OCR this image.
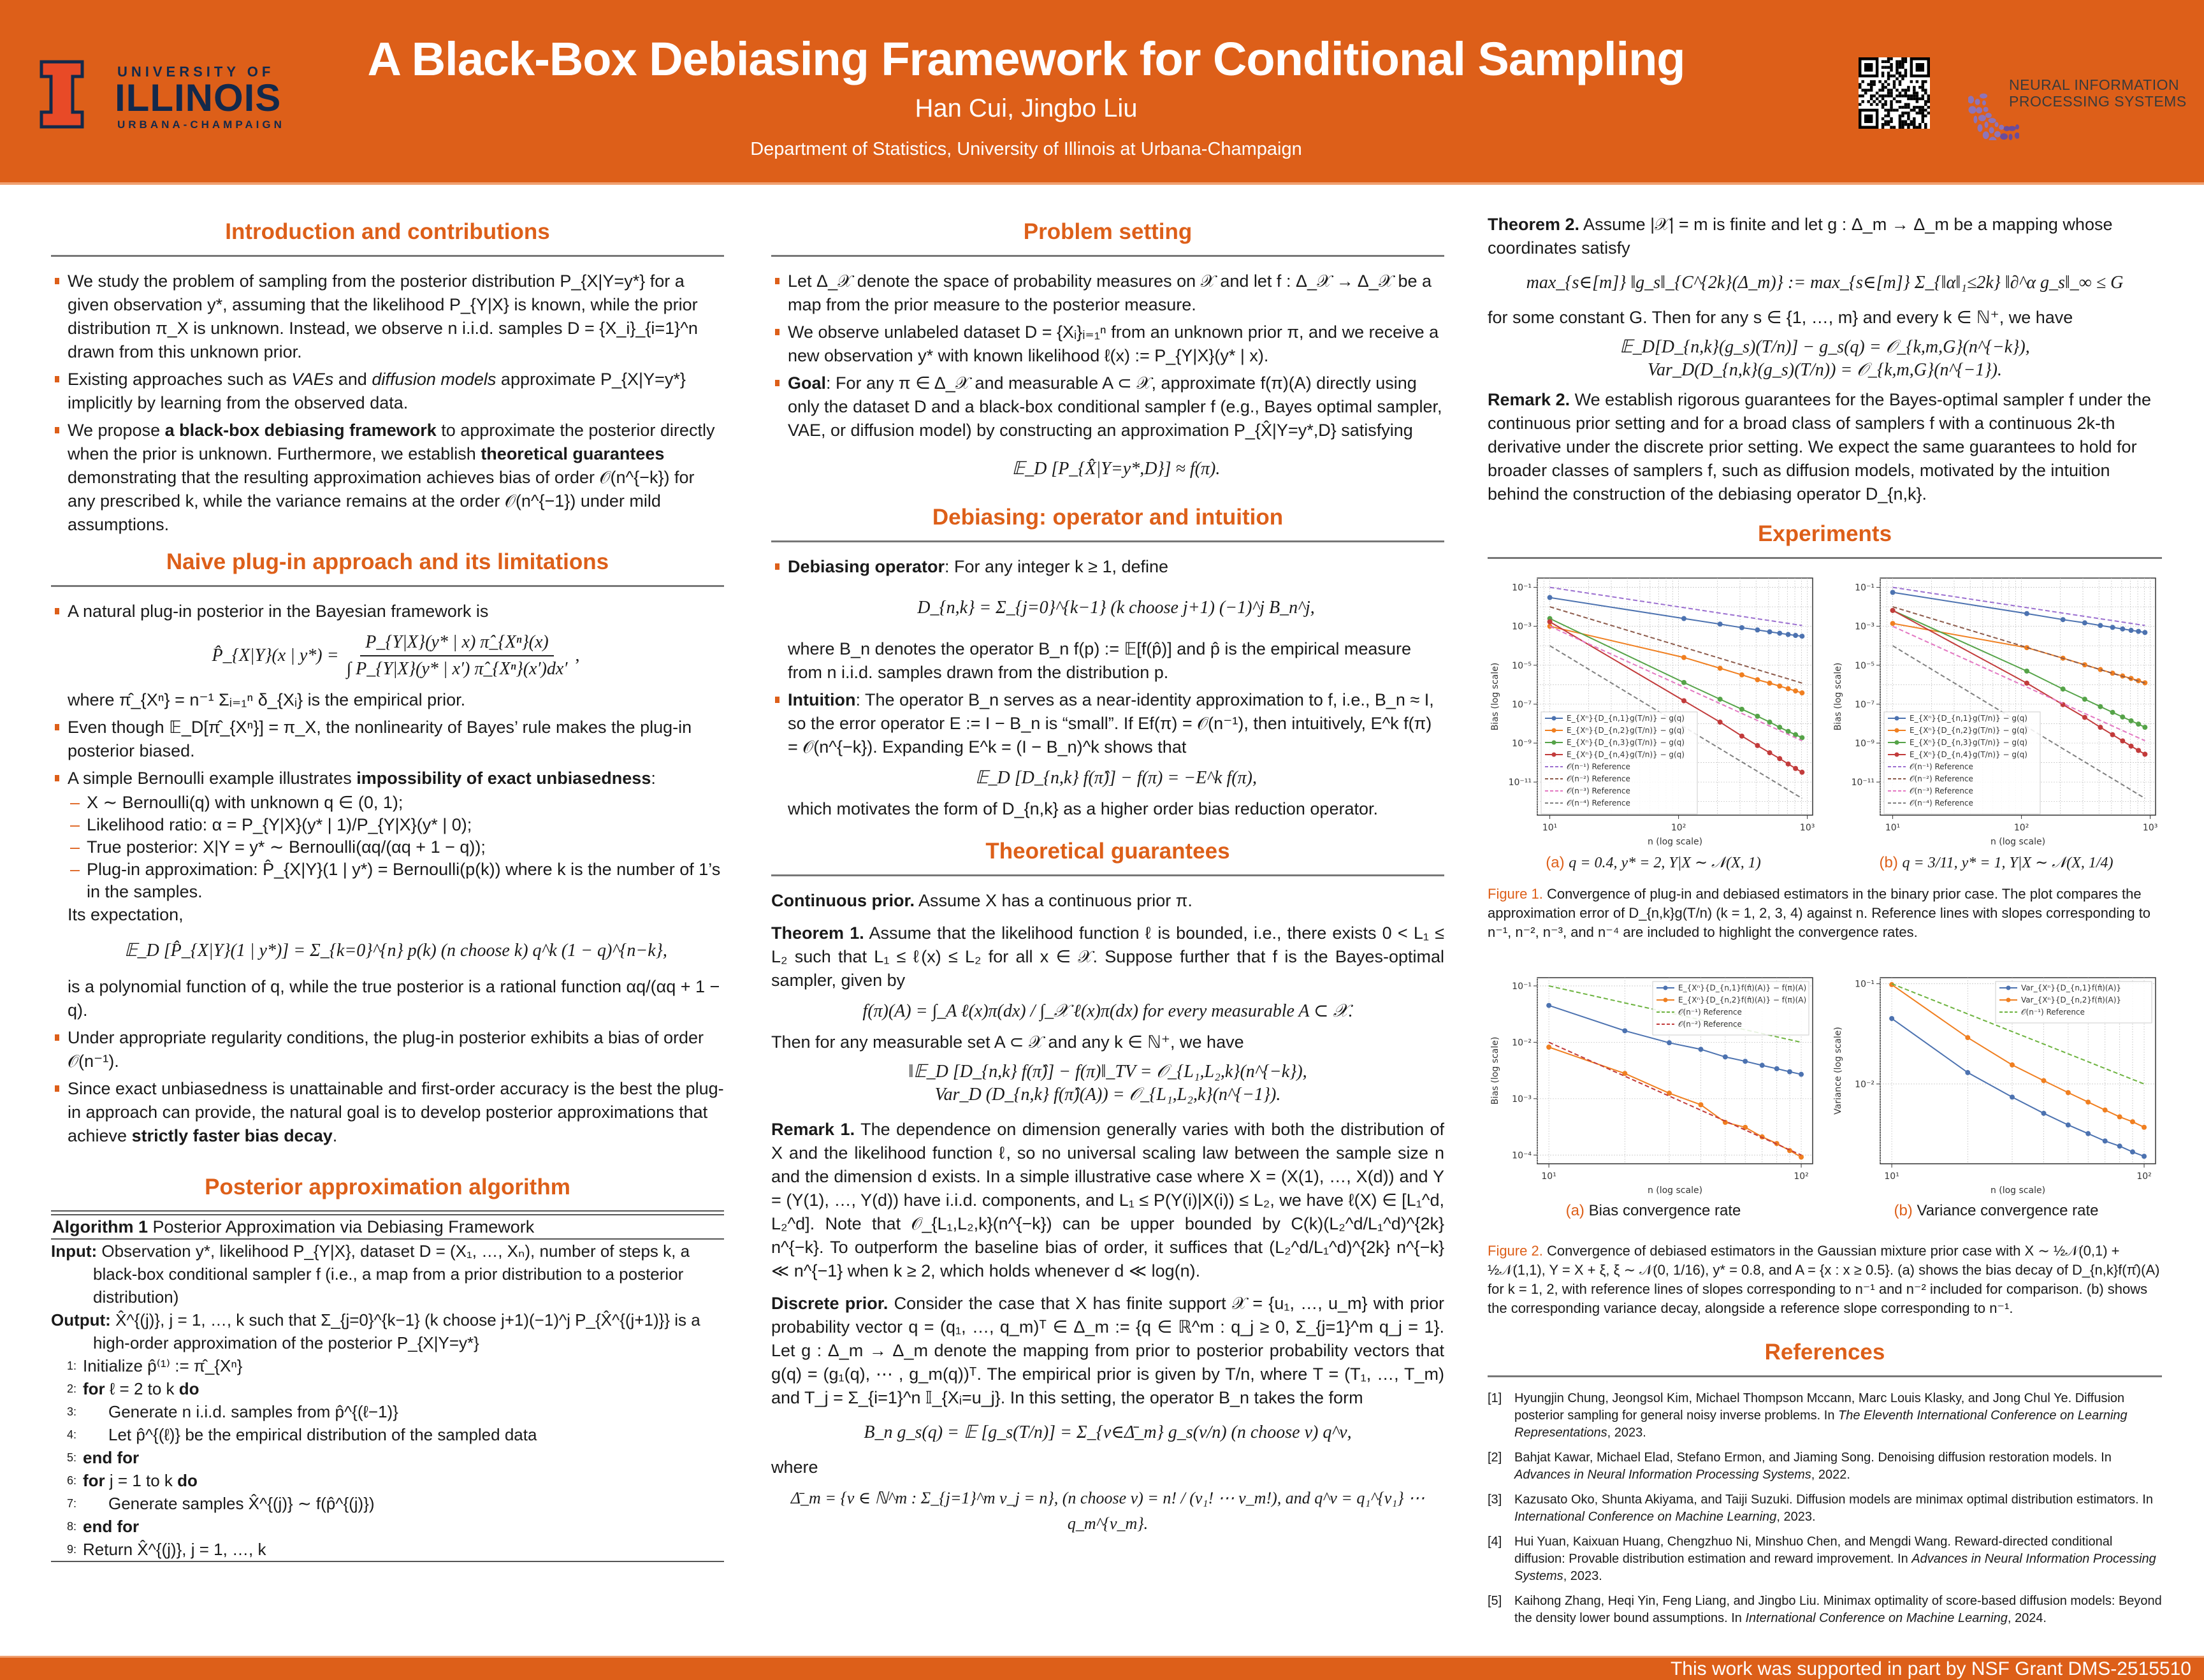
UNIVERSITY OF
ILLINOIS
URBANA-CHAMPAIGN
A Black-Box Debiasing Framework for Conditional Sampling
Han Cui, Jingbo Liu
Department of Statistics, University of Illinois at Urbana-Champaign
NEURAL INFORMATION
PROCESSING SYSTEMS
Introduction and contributions
We study the problem of sampling from the posterior distribution P_{X|Y=y*} for a given observation y*, assuming that the likelihood P_{Y|X} is known, while the prior distribution π_X is unknown. Instead, we observe n i.i.d. samples D = {X_i}_{i=1}^n drawn from this unknown prior.
Existing approaches such as VAEs and diffusion models approximate P_{X|Y=y*} implicitly by learning from the observed data.
We propose a black-box debiasing framework to approximate the posterior directly when the prior is unknown. Furthermore, we establish theoretical guarantees demonstrating that the resulting approximation achieves bias of order 𝒪(n^{−k}) for any prescribed k, while the variance remains at the order 𝒪(n^{−1}) under mild assumptions.
Naive plug-in approach and its limitations
A natural plug-in posterior in the Bayesian framework is
P̂_{X|Y}(x | $y*) = \frac{\text{P\_\{Y|X\}(y* | x) π̂\_\{Xⁿ\}(x)}}{\text{∫ P\_\{Y|X\}(y* | x′) π̂\_\{Xⁿ\}(x′)dx′}}$ ,
where π̂_{Xⁿ} = n⁻¹ Σᵢ₌₁ⁿ δ_{Xᵢ} is the empirical prior.
Even though 𝔼_D[π̂_{Xⁿ}] = π_X, the nonlinearity of Bayes’ rule makes the plug-in posterior biased.
A simple Bernoulli example illustrates impossibility of exact unbiasedness:
– X ∼ Bernoulli(q) with unknown q ∈ (0, 1);
– Likelihood ratio: α = P_{Y|X}(y* | 1)/P_{Y|X}(y* | 0);
– True posterior: X|Y = y* ∼ Bernoulli(αq/(αq + 1 − q));
– Plug-in approximation: P̂_{X|Y}(1 | y*) = Bernoulli(p(k)) where k is the number of 1’s in the samples.
Its expectation,
𝔼_D [P̂_{X|Y}(1 | y*)] = Σ_{k=0}^{n} p(k) (n choose k) q^k (1 − q)^{n−k},
is a polynomial function of q, while the true posterior is a rational function αq/(αq + 1 − q).
Under appropriate regularity conditions, the plug-in posterior exhibits a bias of order 𝒪(n⁻¹).
Since exact unbiasedness is unattainable and first-order accuracy is the best the plug-in approach can provide, the natural goal is to develop posterior approximations that achieve strictly faster bias decay.
Posterior approximation algorithm
Algorithm 1 Posterior Approximation via Debiasing Framework
Input: Observation y*, likelihood P_{Y|X}, dataset D = (X₁, …, Xₙ), number of steps k, a black-box conditional sampler f (i.e., a map from a prior distribution to a posterior distribution)
Output: X̂^{(j)}, j = 1, …, k such that Σ_{j=0}^{k−1} (k choose j+1)(−1)^j P_{X̂^{(j+1)}} is a high-order approximation of the posterior P_{X|Y=y*}
1: Initialize p̂⁽¹⁾ := π̂_{Xⁿ}
2: for ℓ = 2 to k do
3:	Generate n i.i.d. samples from p̂^{(ℓ−1)}
4:	Let p̂^{(ℓ)} be the empirical distribution of the sampled data
5: end for
6: for j = 1 to k do
7:	Generate samples X̂^{(j)} ∼ f(p̂^{(j)})
8: end for
9: Return X̂^{(j)}, j = 1, …, k
Problem setting
Let Δ_𝒳 denote the space of probability measures on 𝒳 and let f : Δ_𝒳 → Δ_𝒳 be a map from the prior measure to the posterior measure.
We observe unlabeled dataset D = {Xᵢ}ᵢ₌₁ⁿ from an unknown prior π, and we receive a new observation y* with known likelihood ℓ(x) := P_{Y|X}(y* | x).
Goal: For any π ∈ Δ_𝒳 and measurable A ⊂ 𝒳, approximate f(π)(A) directly using only the dataset D and a black-box conditional sampler f (e.g., Bayes optimal sampler, VAE, or diffusion model) by constructing an approximation P_{X̂|Y=y*,D} satisfying
𝔼_D [P_{X̂|Y=y*,D}] ≈ f(π).
Debiasing: operator and intuition
Debiasing operator: For any integer k ≥ 1, define
D_{n,k} = Σ_{j=0}^{k−1} (k choose j+1) (−1)^j B_n^j,
where B_n denotes the operator B_n f(p) := 𝔼[f(p̂)] and p̂ is the empirical measure from n i.i.d. samples drawn from the distribution p.
Intuition: The operator B_n serves as a near-identity approximation to f, i.e., B_n ≈ I, so the error operator E := I − B_n is “small”. If Ef(π) = 𝒪(n⁻¹), then intuitively, E^k f(π) = 𝒪(n^{−k}). Expanding E^k = (I − B_n)^k shows that
𝔼_D [D_{n,k} f(π̂)] − f(π) = −E^k f(π),
which motivates the form of D_{n,k} as a higher order bias reduction operator.
Theoretical guarantees
Continuous prior. Assume X has a continuous prior π.
Theorem 1. Assume that the likelihood function ℓ is bounded, i.e., there exists 0 < L₁ ≤ L₂ such that L₁ ≤ ℓ(x) ≤ L₂ for all x ∈ 𝒳. Suppose further that f is the Bayes-optimal sampler, given by
f(π)(A) = ∫_A ℓ(x)π(dx) / ∫_𝒳 ℓ(x)π(dx) for every measurable A ⊂ 𝒳.
Then for any measurable set A ⊂ 𝒳 and any k ∈ ℕ⁺, we have
‖𝔼_D [D_{n,k} f(π̂)] − f(π)‖_TV = 𝒪_{L₁,L₂,k}(n^{−k}),
Var_D (D_{n,k} f(π̂)(A)) = 𝒪_{L₁,L₂,k}(n^{−1}).
Remark 1. The dependence on dimension generally varies with both the distribution of X and the likelihood function ℓ, so no universal scaling law between the sample size n and the dimension d exists. In a simple illustrative case where X = (X(1), …, X(d)) and Y = (Y(1), …, Y(d)) have i.i.d. components, and L₁ ≤ P(Y(i)|X(i)) ≤ L₂, we have ℓ(X) ∈ [L₁^d, L₂^d]. Note that 𝒪_{L₁,L₂,k}(n^{−k}) can be upper bounded by C(k)(L₂^d/L₁^d)^{2k} n^{−k}. To outperform the baseline bias of order, it suffices that (L₂^d/L₁^d)^{2k} n^{−k} ≪ n^{−1} when k ≥ 2, which holds whenever d ≪ log(n).
Discrete prior. Consider the case that X has finite support 𝒳 = {u₁, …, u_m} with prior probability vector q = (q₁, …, q_m)ᵀ ∈ Δ_m := {q ∈ ℝ^m : q_j ≥ 0, Σ_{j=1}^m q_j = 1}. Let g : Δ_m → Δ_m denote the mapping from prior to posterior probability vectors that g(q) = (g₁(q), ⋯ , g_m(q))ᵀ. The empirical prior is given by T/n, where T = (T₁, …, T_m) and T_j = Σ_{i=1}^n 𝕀_{Xᵢ=u_j}. In this setting, the operator B_n takes the form
B_n g_s(q) = 𝔼 [g_s(T/n)] = Σ_{ν∈Δ̄_m} g_s(ν/n) (n choose ν) q^ν,
where
Δ̄_m = {ν ∈ ℕ^m : Σ_{j=1}^m ν_j = n}, (n choose ν) = n! / (ν₁! ⋯ ν_m!), and q^ν = q₁^{ν₁} ⋯ q_m^{ν_m}.
Theorem 2. Assume |𝒳| = m is finite and let g : Δ_m → Δ_m be a mapping whose coordinates satisfy
max_{s∈[m]} ‖g_s‖_{C^{2k}(Δ_m)} := max_{s∈[m]} Σ_{‖α‖₁≤2k} ‖∂^α g_s‖_∞ ≤ G
for some constant G. Then for any s ∈ {1, …, m} and every k ∈ ℕ⁺, we have
𝔼_D[D_{n,k}(g_s)(T/n)] − g_s(q) = 𝒪_{k,m,G}(n^{−k}),
Var_D(D_{n,k}(g_s)(T/n)) = 𝒪_{k,m,G}(n^{−1}).
Remark 2. We establish rigorous guarantees for the Bayes-optimal sampler f under the continuous prior setting and for a broad class of samplers f with a continuous 2k-th derivative under the discrete prior setting. We expect the same guarantees to hold for broader classes of samplers f, such as diffusion models, motivated by the intuition behind the construction of the debiasing operator D_{n,k}.
Experiments
10¹	10²	10³
10⁻¹
10⁻³
10⁻⁵
10⁻⁷
10⁻⁹
10⁻¹¹
n (log scale)
Bias (log scale)	E_{Xⁿ}{D_{n,1}g(T/n)} − g(q)
E_{Xⁿ}{D_{n,2}g(T/n)} − g(q)
E_{Xⁿ}{D_{n,3}g(T/n)} − g(q)
E_{Xⁿ}{D_{n,4}g(T/n)} − g(q)
𝒪(n⁻¹) Reference
𝒪(n⁻²) Reference
𝒪(n⁻³) Reference
𝒪(n⁻⁴) Reference
(a) q = 0.4, y* = 2, Y|X ∼ 𝒩(X, 1)
10¹	10²	10³
10⁻¹
10⁻³
10⁻⁵
10⁻⁷
10⁻⁹
10⁻¹¹
n (log scale)
Bias (log scale)	E_{Xⁿ}{D_{n,1}g(T/n)} − g(q)
E_{Xⁿ}{D_{n,2}g(T/n)} − g(q)
E_{Xⁿ}{D_{n,3}g(T/n)} − g(q)
E_{Xⁿ}{D_{n,4}g(T/n)} − g(q)
𝒪(n⁻¹) Reference
𝒪(n⁻²) Reference
𝒪(n⁻³) Reference
𝒪(n⁻⁴) Reference
(b) q = 3/11, y* = 1, Y|X ∼ 𝒩(X, 1/4)
Figure 1. Convergence of plug-in and debiased estimators in the binary prior case. The plot compares the approximation error of D_{n,k}g(T/n) (k = 1, 2, 3, 4) against n. Reference lines with slopes corresponding to n⁻¹, n⁻², n⁻³, and n⁻⁴ are included to highlight the convergence rates.
10¹	10²
10⁻¹
10⁻²
10⁻³
10⁻⁴
n (log scale)
Bias (log scale)
E_{Xⁿ}{D_{n,1}f(π̂)(A)} − f(π)(A)
E_{Xⁿ}{D_{n,2}f(π̂)(A)} − f(π)(A)
𝒪(n⁻¹) Reference
𝒪(n⁻²) Reference
(a) Bias convergence rate
10¹	10²
10⁻¹
10⁻²
n (log scale)
Variance (log scale)
Var_{Xⁿ}{D_{n,1}f(π̂)(A)}
Var_{Xⁿ}{D_{n,2}f(π̂)(A)}
𝒪(n⁻¹) Reference
(b) Variance convergence rate
Figure 2. Convergence of debiased estimators in the Gaussian mixture prior case with X ∼ ½𝒩(0,1) + ½𝒩(1,1), Y = X + ξ, ξ ∼ 𝒩(0, 1/16), y* = 0.8, and A = {x : x ≥ 0.5}. (a) shows the bias decay of D_{n,k}f(π̂)(A) for k = 1, 2, with reference lines of slopes corresponding to n⁻¹ and n⁻² included for comparison. (b) shows the corresponding variance decay, alongside a reference slope corresponding to n⁻¹.
References
[1] Hyungjin Chung, Jeongsol Kim, Michael Thompson Mccann, Marc Louis Klasky, and Jong Chul Ye. Diffusion posterior sampling for general noisy inverse problems. In The Eleventh International Conference on Learning Representations, 2023.
[2] Bahjat Kawar, Michael Elad, Stefano Ermon, and Jiaming Song. Denoising diffusion restoration models. In Advances in Neural Information Processing Systems, 2022.
[3] Kazusato Oko, Shunta Akiyama, and Taiji Suzuki. Diffusion models are minimax optimal distribution estimators. In International Conference on Machine Learning, 2023.
[4] Hui Yuan, Kaixuan Huang, Chengzhuo Ni, Minshuo Chen, and Mengdi Wang. Reward-directed conditional diffusion: Provable distribution estimation and reward improvement. In Advances in Neural Information Processing Systems, 2023.
[5] Kaihong Zhang, Heqi Yin, Feng Liang, and Jingbo Liu. Minimax optimality of score-based diffusion models: Beyond the density lower bound assumptions. In International Conference on Machine Learning, 2024.
This work was supported in part by NSF Grant DMS-2515510
